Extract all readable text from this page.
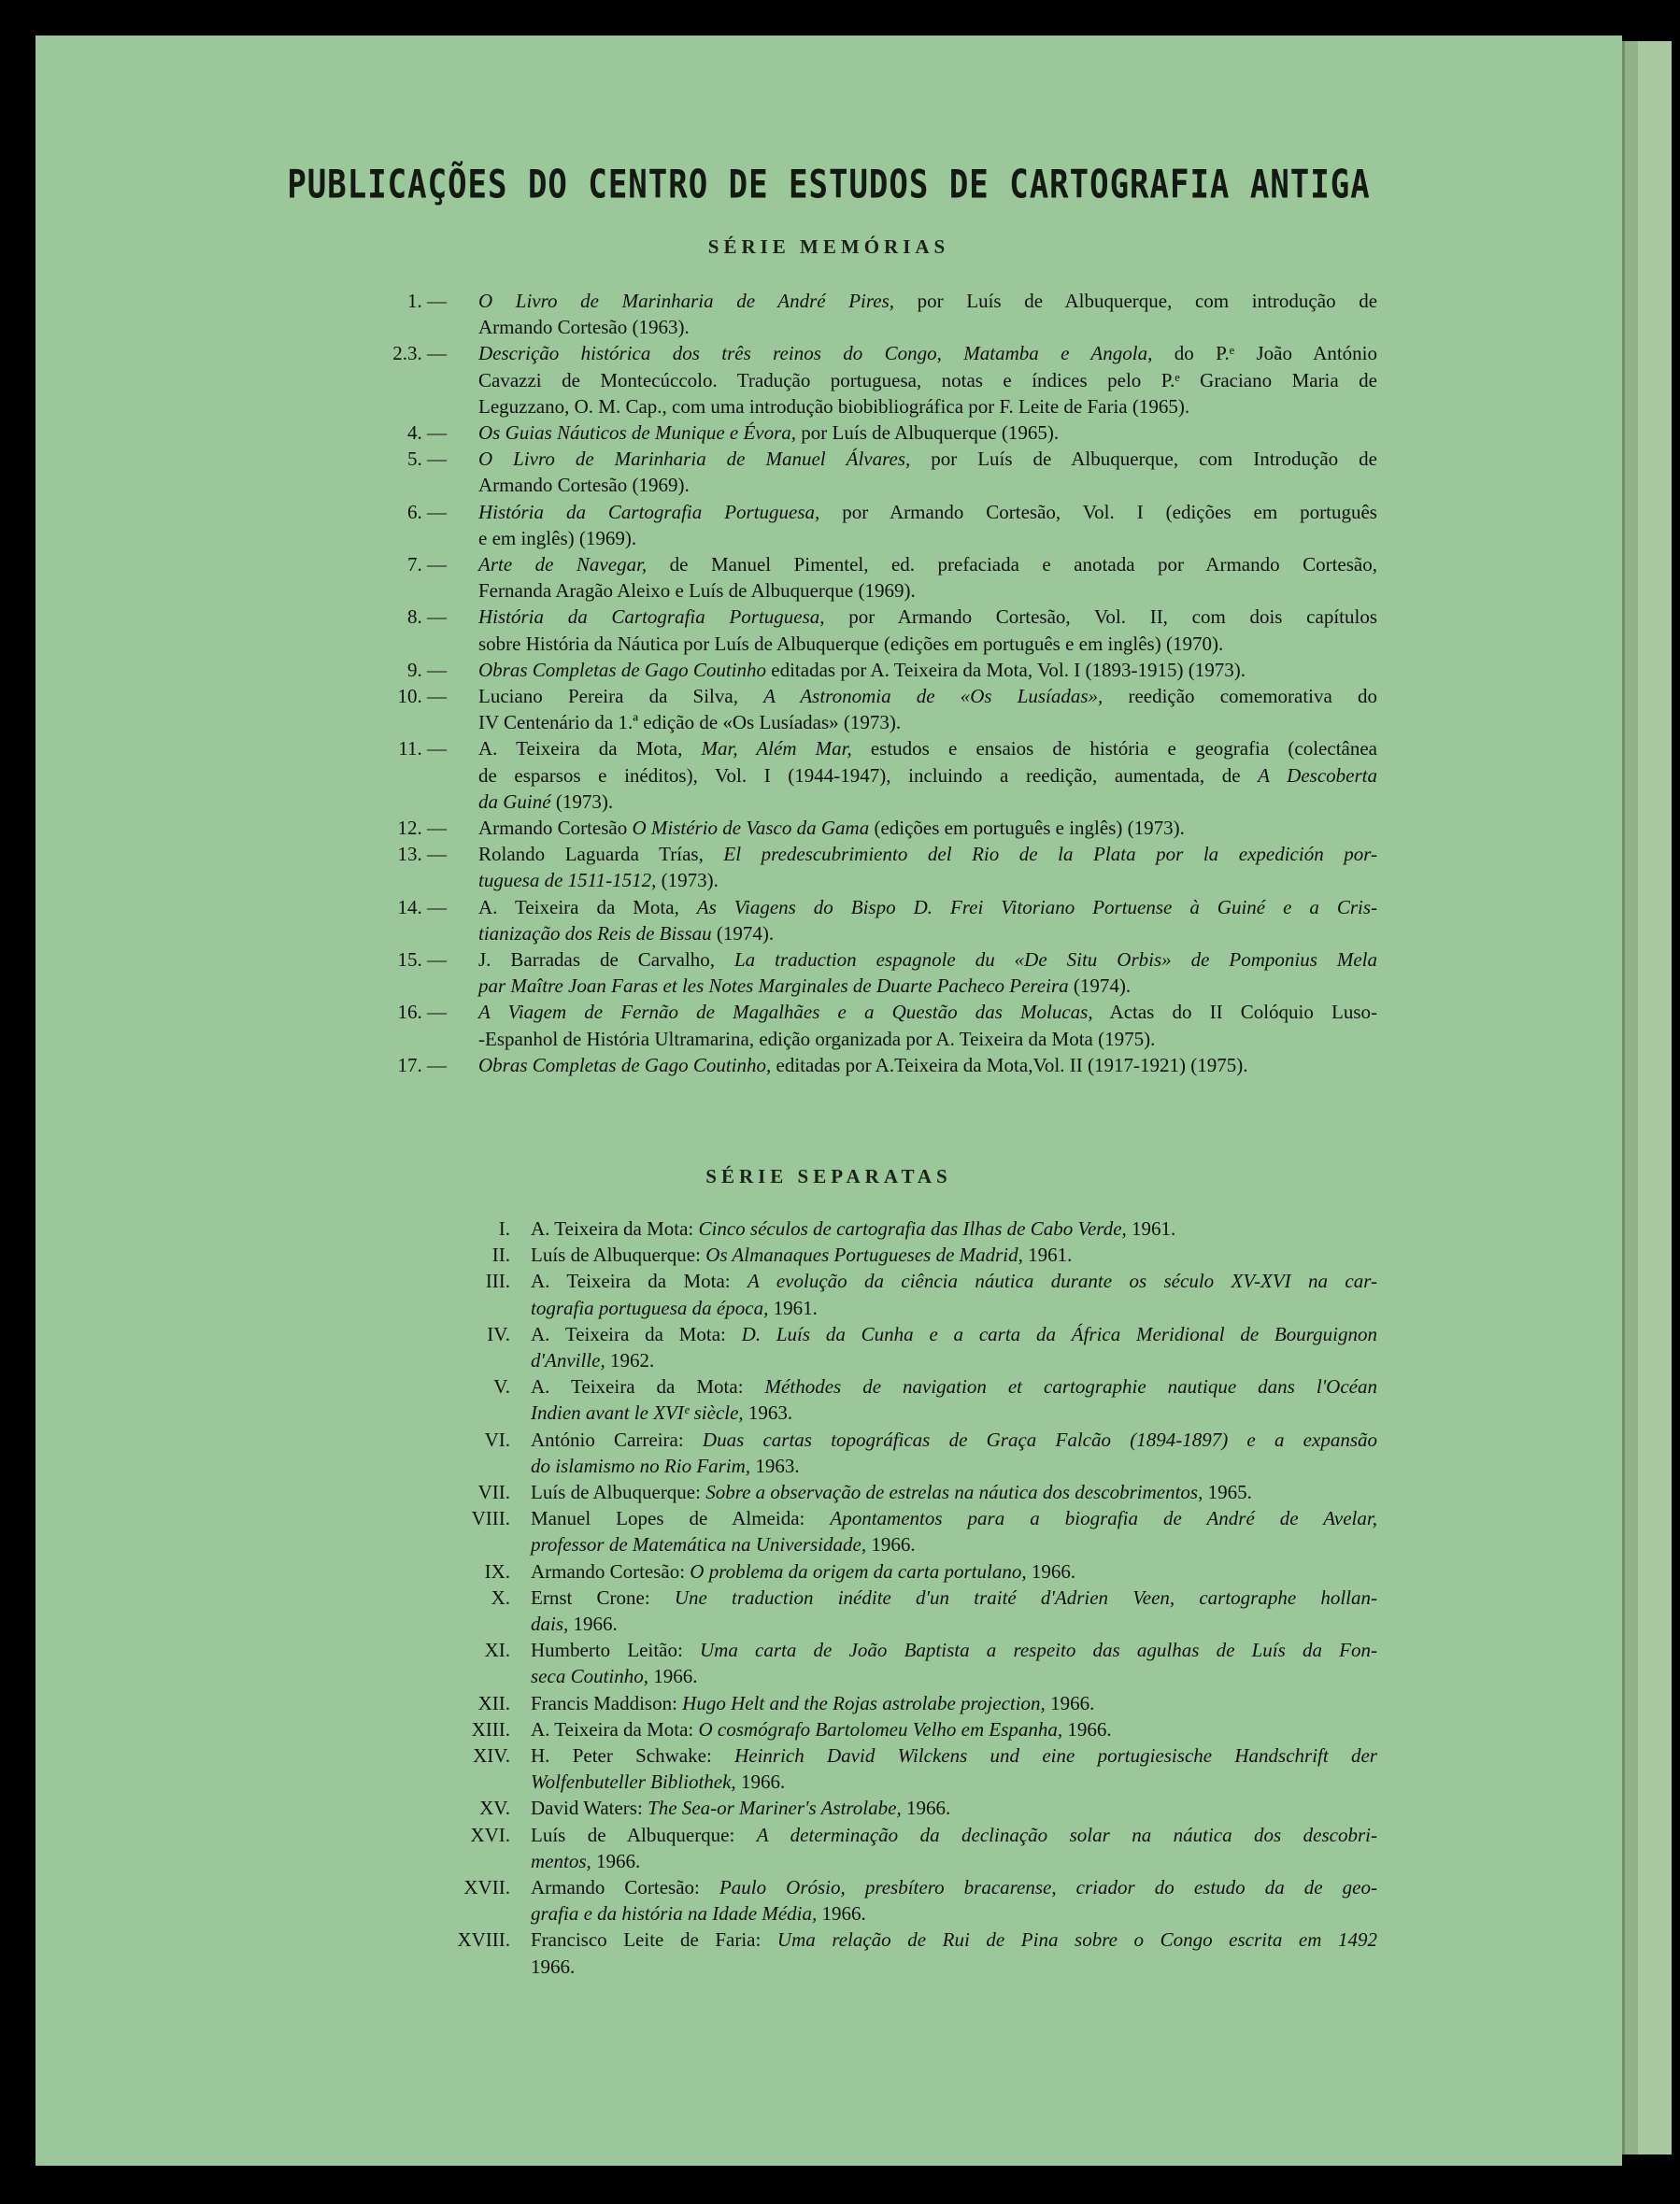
PUBLICAÇÕES DO CENTRO DE ESTUDOS DE CARTOGRAFIA ANTIGA
SÉRIE MEMÓRIAS
1. — O Livro de Marinharia de André Pires, por Luís de Albuquerque, com introdução de
Armando Cortesão (1963).
2.3. — Descrição histórica dos três reinos do Congo, Matamba e Angola, do P.ᵉ João António
Cavazzi de Montecúccolo. Tradução portuguesa, notas e índices pelo P.ᵉ Graciano Maria de
Leguzzano, O. M. Cap., com uma introdução biobibliográfica por F. Leite de Faria (1965).
4. — Os Guias Náuticos de Munique e Évora, por Luís de Albuquerque (1965).
5. — O Livro de Marinharia de Manuel Álvares, por Luís de Albuquerque, com Introdução de
Armando Cortesão (1969).
6. — História da Cartografia Portuguesa, por Armando Cortesão, Vol. I (edições em português
e em inglês) (1969).
7. — Arte de Navegar, de Manuel Pimentel, ed. prefaciada e anotada por Armando Cortesão,
Fernanda Aragão Aleixo e Luís de Albuquerque (1969).
8. — História da Cartografia Portuguesa, por Armando Cortesão, Vol. II, com dois capítulos
sobre História da Náutica por Luís de Albuquerque (edições em português e em inglês) (1970).
9. — Obras Completas de Gago Coutinho editadas por A. Teixeira da Mota, Vol. I (1893-1915) (1973).
10. — Luciano Pereira da Silva, A Astronomia de «Os Lusíadas», reedição comemorativa do
IV Centenário da 1.ª edição de «Os Lusíadas» (1973).
11. — A. Teixeira da Mota, Mar, Além Mar, estudos e ensaios de história e geografia (colectânea
de esparsos e inéditos), Vol. I (1944-1947), incluindo a reedição, aumentada, de A Descoberta
da Guiné (1973).
12. — Armando Cortesão O Mistério de Vasco da Gama (edições em português e inglês) (1973).
13. — Rolando Laguarda Trías, El predescubrimiento del Rio de la Plata por la expedición por-
tuguesa de 1511-1512, (1973).
14. — A. Teixeira da Mota, As Viagens do Bispo D. Frei Vitoriano Portuense à Guiné e a Cris-
tianização dos Reis de Bissau (1974).
15. — J. Barradas de Carvalho, La traduction espagnole du «De Situ Orbis» de Pomponius Mela
par Maître Joan Faras et les Notes Marginales de Duarte Pacheco Pereira (1974).
16. — A Viagem de Fernão de Magalhães e a Questão das Molucas, Actas do II Colóquio Luso-
-Espanhol de História Ultramarina, edição organizada por A. Teixeira da Mota (1975).
17. — Obras Completas de Gago Coutinho, editadas por A.Teixeira da Mota,Vol. II (1917-1921) (1975).
SÉRIE SEPARATAS
I. A. Teixeira da Mota: Cinco séculos de cartografia das Ilhas de Cabo Verde, 1961.
II. Luís de Albuquerque: Os Almanaques Portugueses de Madrid, 1961.
III. A. Teixeira da Mota: A evolução da ciência náutica durante os século XV-XVI na car-
tografia portuguesa da época, 1961.
IV. A. Teixeira da Mota: D. Luís da Cunha e a carta da África Meridional de Bourguignon
d'Anville, 1962.
V. A. Teixeira da Mota: Méthodes de navigation et cartographie nautique dans l'Océan
Indien avant le XVIᵉ siècle, 1963.
VI. António Carreira: Duas cartas topográficas de Graça Falcão (1894-1897) e a expansão
do islamismo no Rio Farim, 1963.
VII. Luís de Albuquerque: Sobre a observação de estrelas na náutica dos descobrimentos, 1965.
VIII. Manuel Lopes de Almeida: Apontamentos para a biografia de André de Avelar,
professor de Matemática na Universidade, 1966.
IX. Armando Cortesão: O problema da origem da carta portulano, 1966.
X. Ernst Crone: Une traduction inédite d'un traité d'Adrien Veen, cartographe hollan-
dais, 1966.
XI. Humberto Leitão: Uma carta de João Baptista a respeito das agulhas de Luís da Fon-
seca Coutinho, 1966.
XII. Francis Maddison: Hugo Helt and the Rojas astrolabe projection, 1966.
XIII. A. Teixeira da Mota: O cosmógrafo Bartolomeu Velho em Espanha, 1966.
XIV. H. Peter Schwake: Heinrich David Wilckens und eine portugiesische Handschrift der
Wolfenbuteller Bibliothek, 1966.
XV. David Waters: The Sea-or Mariner's Astrolabe, 1966.
XVI. Luís de Albuquerque: A determinação da declinação solar na náutica dos descobri-
mentos, 1966.
XVII. Armando Cortesão: Paulo Orósio, presbítero bracarense, criador do estudo da de geo-
grafia e da história na Idade Média, 1966.
XVIII. Francisco Leite de Faria: Uma relação de Rui de Pina sobre o Congo escrita em 1492
1966.
